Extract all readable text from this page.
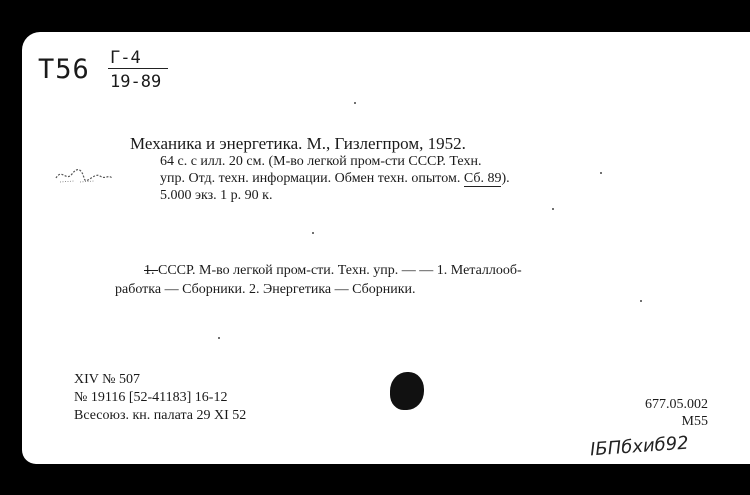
Т56 Г-4
19-89
Механика и энергетика. М., Гизлегпром, 1952.
64 с. с илл. 20 см. (М-во легкой пром-сти СССР. Техн.
упр. Отд. техн. информации. Обмен техн. опытом. Сб. 89).
5.000 экз. 1 р. 90 к.
1. СССР. М-во легкой пром-сти. Техн. упр. — — 1. Металлооб-
работка — Сборники. 2. Энергетика — Сборники.
XIV № 507
№ 19116 [52-41183] 16-12
Всесоюз. кн. палата 29 XI 52
677.05.002
М55
ІБПбхиб92
